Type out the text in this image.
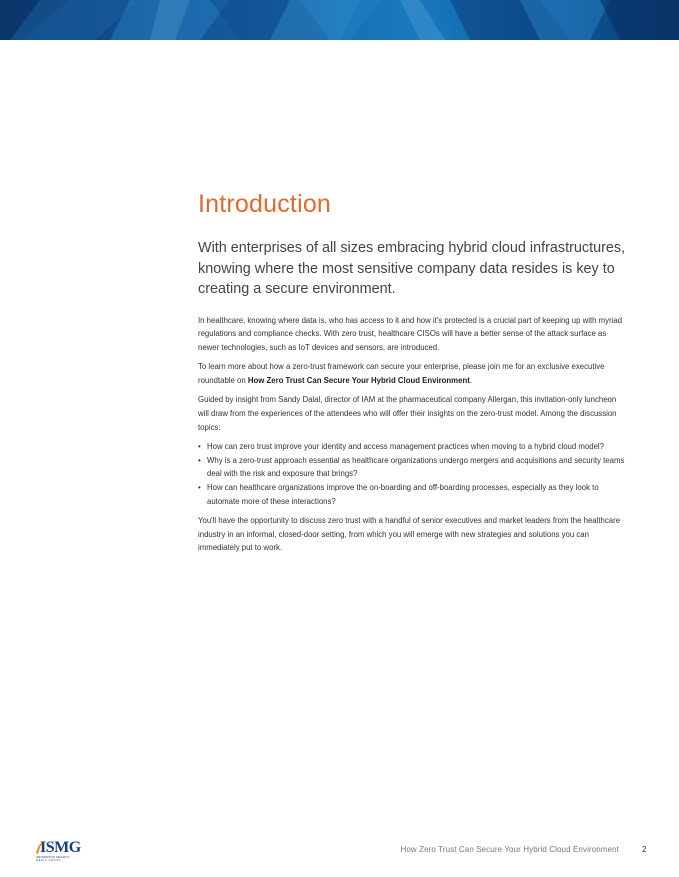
Introduction

With enterprises of all sizes embracing hybrid cloud infrastructures, knowing where the most sensitive company data resides is key to creating a secure environment.

In healthcare, knowing where data is, who has access to it and how it's protected is a crucial part of keeping up with myriad regulations and compliance checks. With zero trust, healthcare CISOs will have a better sense of the attack surface as newer technologies, such as IoT devices and sensors, are introduced.

To learn more about how a zero-trust framework can secure your enterprise, please join me for an exclusive executive roundtable on How Zero Trust Can Secure Your Hybrid Cloud Environment.

Guided by insight from Sandy Dalal, director of IAM at the pharmaceutical company Allergan, this invitation-only luncheon will draw from the experiences of the attendees who will offer their insights on the zero-trust model. Among the discussion topics:

• How can zero trust improve your identity and access management practices when moving to a hybrid cloud model?
• Why is a zero-trust approach essential as healthcare organizations undergo mergers and acquisitions and security teams deal with the risk and exposure that brings?
• How can healthcare organizations improve the on-boarding and off-boarding processes, especially as they look to automate more of these interactions?

You'll have the opportunity to discuss zero trust with a handful of senior executives and market leaders from the healthcare industry in an informal, closed-door setting, from which you will emerge with new strategies and solutions you can immediately put to work.

ISMG
INFORMATION SECURITY
MEDIA GROUP
How Zero Trust Can Secure Your Hybrid Cloud Environment	2
